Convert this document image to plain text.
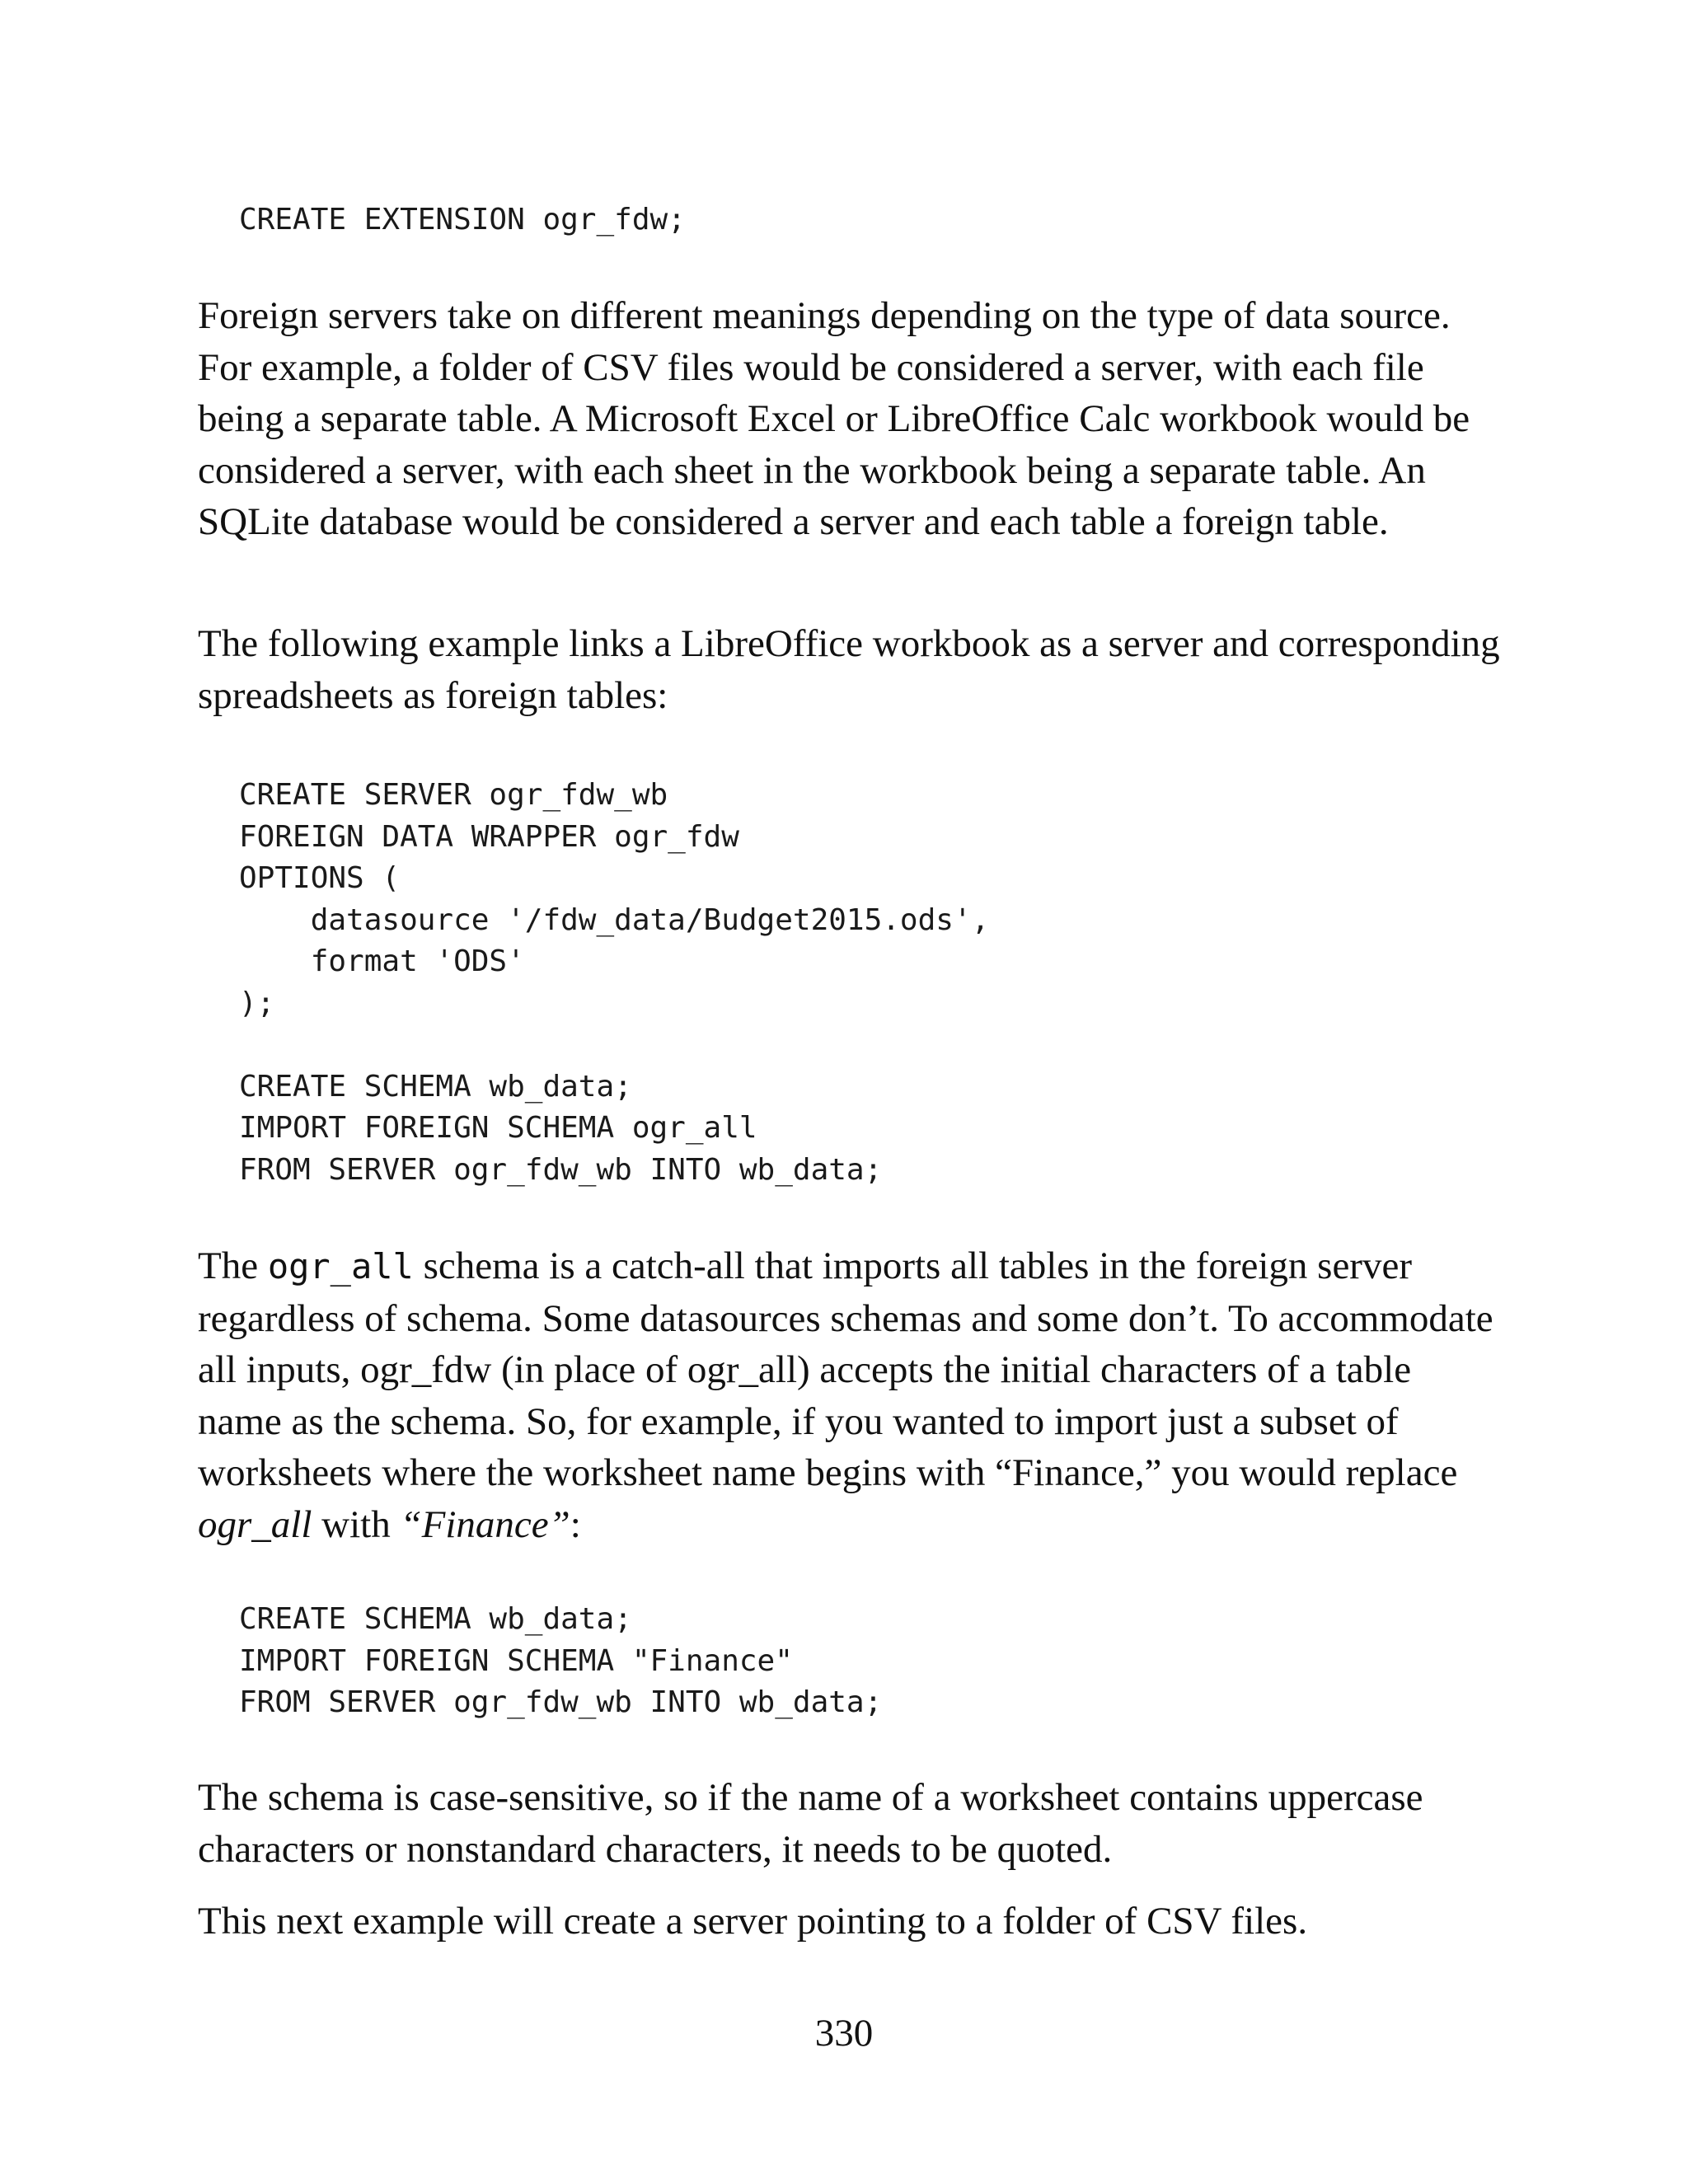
CREATE EXTENSION ogr_fdw;

Foreign servers take on different meanings depending on the type of data source. For example, a folder of CSV files would be considered a server, with each file being a separate table. A Microsoft Excel or LibreOffice Calc workbook would be considered a server, with each sheet in the workbook being a separate table. An SQLite database would be considered a server and each table a foreign table.

The following example links a LibreOffice workbook as a server and corresponding spreadsheets as foreign tables:

CREATE SERVER ogr_fdw_wb
FOREIGN DATA WRAPPER ogr_fdw
OPTIONS (
datasource '/fdw_data/Budget2015.ods',
format 'ODS'
);

CREATE SCHEMA wb_data;
IMPORT FOREIGN SCHEMA ogr_all
FROM SERVER ogr_fdw_wb INTO wb_data;

The ogr_all schema is a catch-all that imports all tables in the foreign server regardless of schema. Some datasources schemas and some don’t. To accommodate all inputs, ogr_fdw (in place of ogr_all) accepts the initial characters of a table name as the schema. So, for example, if you wanted to import just a subset of worksheets where the worksheet name begins with “Finance,” you would replace ogr_all with “Finance”:

CREATE SCHEMA wb_data;
IMPORT FOREIGN SCHEMA "Finance"
FROM SERVER ogr_fdw_wb INTO wb_data;

The schema is case-sensitive, so if the name of a worksheet contains uppercase characters or nonstandard characters, it needs to be quoted.

This next example will create a server pointing to a folder of CSV files.

330
